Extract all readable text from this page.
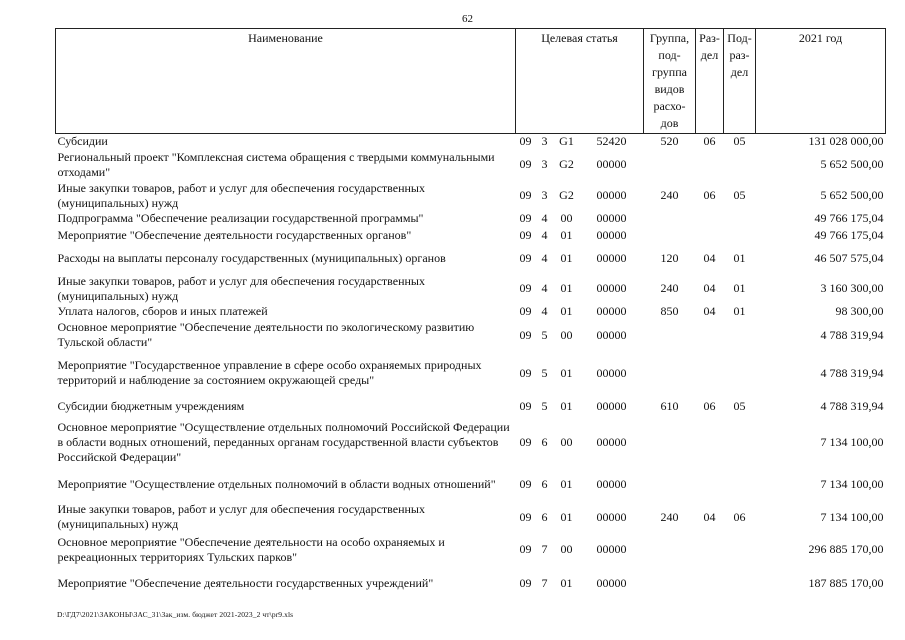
62
Наименование	Целевая статья				Группа, под-группа видов расхо-дов	Раз-дел	Под-раз-дел	2021 год
Субсидии	09	3	G1	52420	520	06	05	131 028 000,00
Региональный проект "Комплексная система обращения с твердыми коммунальными отходами"	09	3	G2	00000				5 652 500,00
Иные закупки товаров, работ и услуг для обеспечения государственных (муниципальных) нужд	09	3	G2	00000	240	06	05	5 652 500,00
Подпрограмма "Обеспечение реализации государственной программы"	09	4	00	00000				49 766 175,04
Мероприятие "Обеспечение деятельности государственных органов"	09	4	01	00000				49 766 175,04
Расходы на выплаты персоналу государственных (муниципальных) органов	09	4	01	00000	120	04	01	46 507 575,04
Иные закупки товаров, работ и услуг для обеспечения государственных (муниципальных) нужд	09	4	01	00000	240	04	01	3 160 300,00
Уплата налогов, сборов и иных платежей	09	4	01	00000	850	04	01	98 300,00
Основное мероприятие "Обеспечение деятельности по экологическому развитию Тульской области"	09	5	00	00000				4 788 319,94
Мероприятие "Государственное управление в сфере особо охраняемых природных территорий и наблюдение за состоянием окружающей среды"	09	5	01	00000				4 788 319,94
Субсидии бюджетным учреждениям	09	5	01	00000	610	06	05	4 788 319,94
Основное мероприятие "Осуществление отдельных полномочий Российской Федерации в области водных отношений, переданных органам государственной власти субъектов Российской Федерации"	09	6	00	00000				7 134 100,00
Мероприятие "Осуществление отдельных полномочий в области водных отношений"	09	6	01	00000				7 134 100,00
Иные закупки товаров, работ и услуг для обеспечения государственных (муниципальных) нужд	09	6	01	00000	240	04	06	7 134 100,00
Основное мероприятие "Обеспечение деятельности на особо охраняемых и рекреационных территориях Тульских парков"	09	7	00	00000				296 885 170,00
Мероприятие "Обеспечение деятельности государственных учреждений"	09	7	01	00000				187 885 170,00
D:\ГД7\2021\ЗАКОНЫ\ЗАС_31\Зак_изм. бюджет 2021-2023_2 чт\pr9.xls
